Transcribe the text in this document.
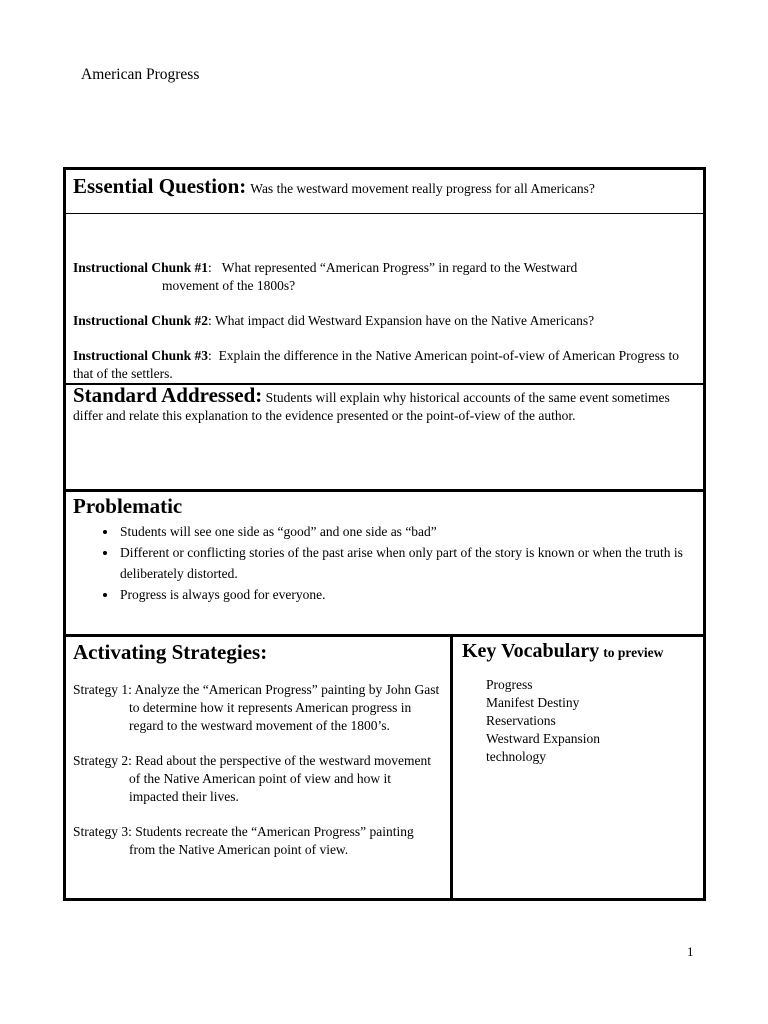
American Progress
Essential Question: Was the westward movement really progress for all Americans?
Instructional Chunk #1: What represented “American Progress” in regard to the Westward
movement of the 1800s?
Instructional Chunk #2: What impact did Westward Expansion have on the Native Americans?
Instructional Chunk #3: Explain the difference in the Native American point-of-view of American Progress to that of the settlers.
Standard Addressed: Students will explain why historical accounts of the same event sometimes differ and relate this explanation to the evidence presented or the point-of-view of the author.
Problematic
• Students will see one side as “good” and one side as “bad”
• Different or conflicting stories of the past arise when only part of the story is known or when the truth is deliberately distorted.
• Progress is always good for everyone.
Activating Strategies:
Strategy 1: Analyze the “American Progress” painting by John Gast to determine how it represents American progress in regard to the westward movement of the 1800’s.
Strategy 2: Read about the perspective of the westward movement of the Native American point of view and how it impacted their lives.
Strategy 3: Students recreate the “American Progress” painting from the Native American point of view.
Key Vocabulary to preview
Progress
Manifest Destiny
Reservations
Westward Expansion
technology
1
